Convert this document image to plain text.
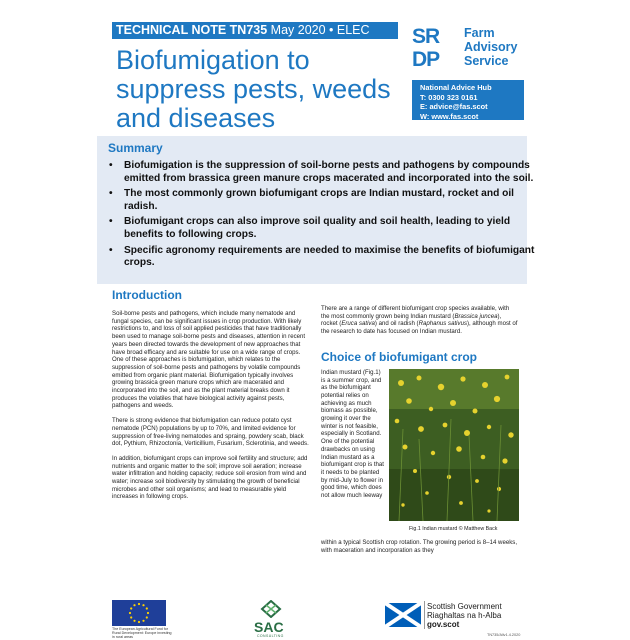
TECHNICAL NOTE TN735 May 2020 • ELEC
Biofumigation to
suppress pests, weeds
and diseases
SR
DP
Farm
Advisory
Service
National Advice Hub
T: 0300 323 0161
E: advice@fas.scot
W: www.fas.scot
Summary
• Biofumigation is the suppression of soil-borne pests and pathogens by compounds emitted from brassica green manure crops macerated and incorporated into the soil.
• The most commonly grown biofumigant crops are Indian mustard, rocket and oil radish.
• Biofumigant crops can also improve soil quality and soil health, leading to yield benefits to following crops.
• Specific agronomy requirements are needed to maximise the benefits of biofumigant crops.
Introduction

Soil-borne pests and pathogens, which include many nematode and fungal species, can be significant issues in crop production. With likely restrictions to, and loss of soil applied pesticides that have traditionally been used to manage soil-borne pests and diseases, attention in recent years been directed towards the development of new approaches that have broad efficacy and are suitable for use on a wide range of crops. One of these approaches is biofumigation, which relates to the suppression of soil-borne pests and pathogens by volatile compounds emitted from organic plant material. Biofumigation typically involves growing brassica green manure crops which are macerated and incorporated into the soil, and as the plant material breaks down it produces the volatiles that have biological activity against pests, pathogens and weeds.

There is strong evidence that biofumigation can reduce potato cyst nematode (PCN) populations by up to 70%, and limited evidence for suppression of free-living nematodes and spraing, powdery scab, black dot, Pythium, Rhizoctonia, Verticillium, Fusarium, Sclerotinia, and weeds.

In addition, biofumigant crops can improve soil fertility and structure; add nutrients and organic matter to the soil; improve soil aeration; increase water infiltration and holding capacity; reduce soil erosion from wind and water; increase soil biodiversity by stimulating the growth of beneficial microbes and other soil organisms; and lead to measurable yield increases in following crops.

There are a range of different biofumigant crop species available, with the most commonly grown being Indian mustard (Brassica juncea), rocket (Eruca sativa) and oil radish (Raphanus sativus), although most of the research to date has focused on Indian mustard.

Choice of biofumigant crop
Indian mustard (Fig.1) is a summer crop, and as the biofumigant potential relies on achieving as much biomass as possible, growing it over the winter is not feasible, especially in Scotland. One of the potential drawbacks on using Indian mustard as a biofumigant crop is that it needs to be planted by mid-July to flower in good time, which does not allow much leeway
Fig.1 Indian mustard © Matthew Back

within a typical Scottish crop rotation. The growing period is 8–14 weeks, with maceration and incorporation as they

The European Agricultural Fund for Rural Development: Europe investing in rural areas
SAC
CONSULTING
Scottish Government
Riaghaltas na h-Alba
gov.scot
TN735/Allv1.4.2020
